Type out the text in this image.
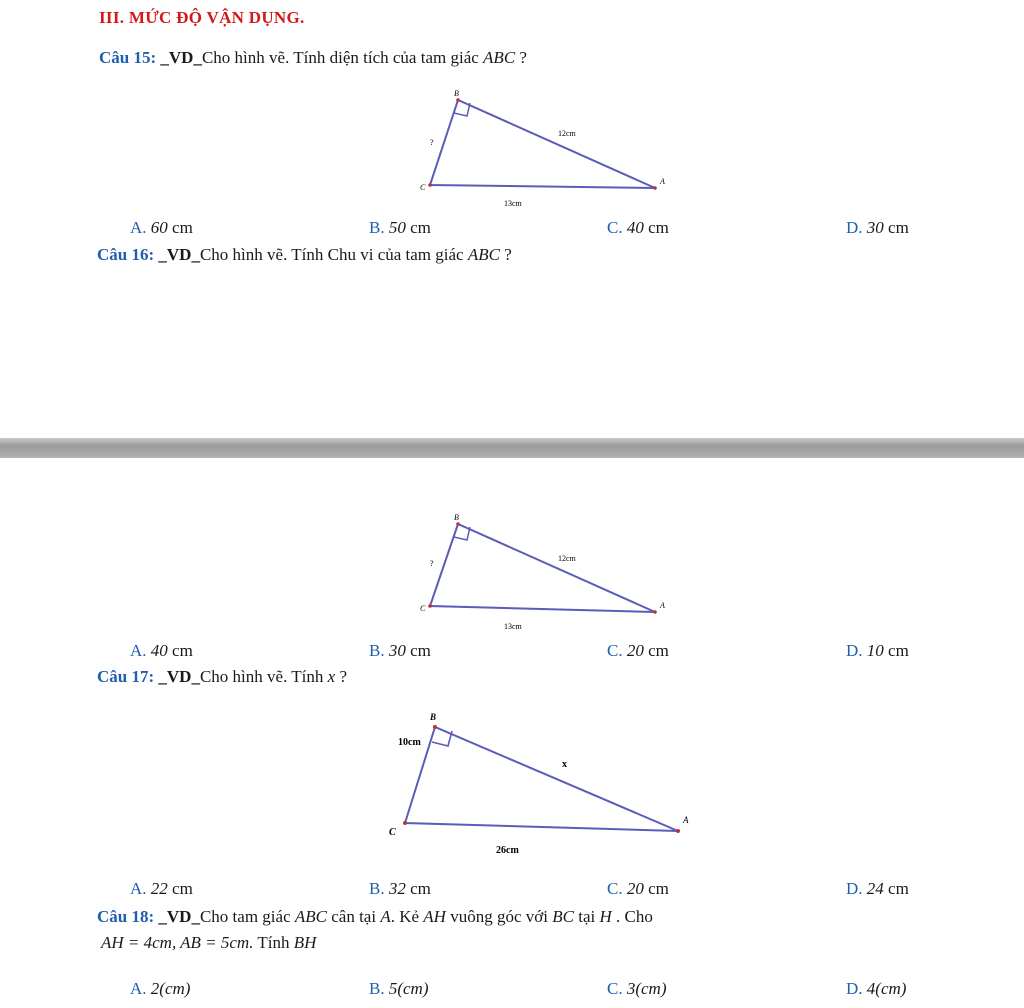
III. MỨC ĐỘ VẬN DỤNG.
Câu 15: _VD_Cho hình vẽ. Tính diện tích của tam giác ABC ?
B
A
C
?
12cm
13cm
A. 60 cm	B. 50 cm	C. 40 cm	D. 30 cm
Câu 16: _VD_Cho hình vẽ. Tính Chu vi của tam giác ABC ?
B
A
C
?
12cm
13cm
A. 40 cm	B. 30 cm	C. 20 cm	D. 10 cm
Câu 17: _VD_Cho hình vẽ. Tính x ?
B
A
C
10cm
x
26cm
A. 22 cm	B. 32 cm	C. 20 cm	D. 24 cm
Câu 18: _VD_Cho tam giác ABC cân tại A. Kẻ AH vuông góc với BC tại H . Cho
AH = 4cm, AB = 5cm. Tính BH
A. 2(cm)	B. 5(cm)	C. 3(cm)	D. 4(cm)
